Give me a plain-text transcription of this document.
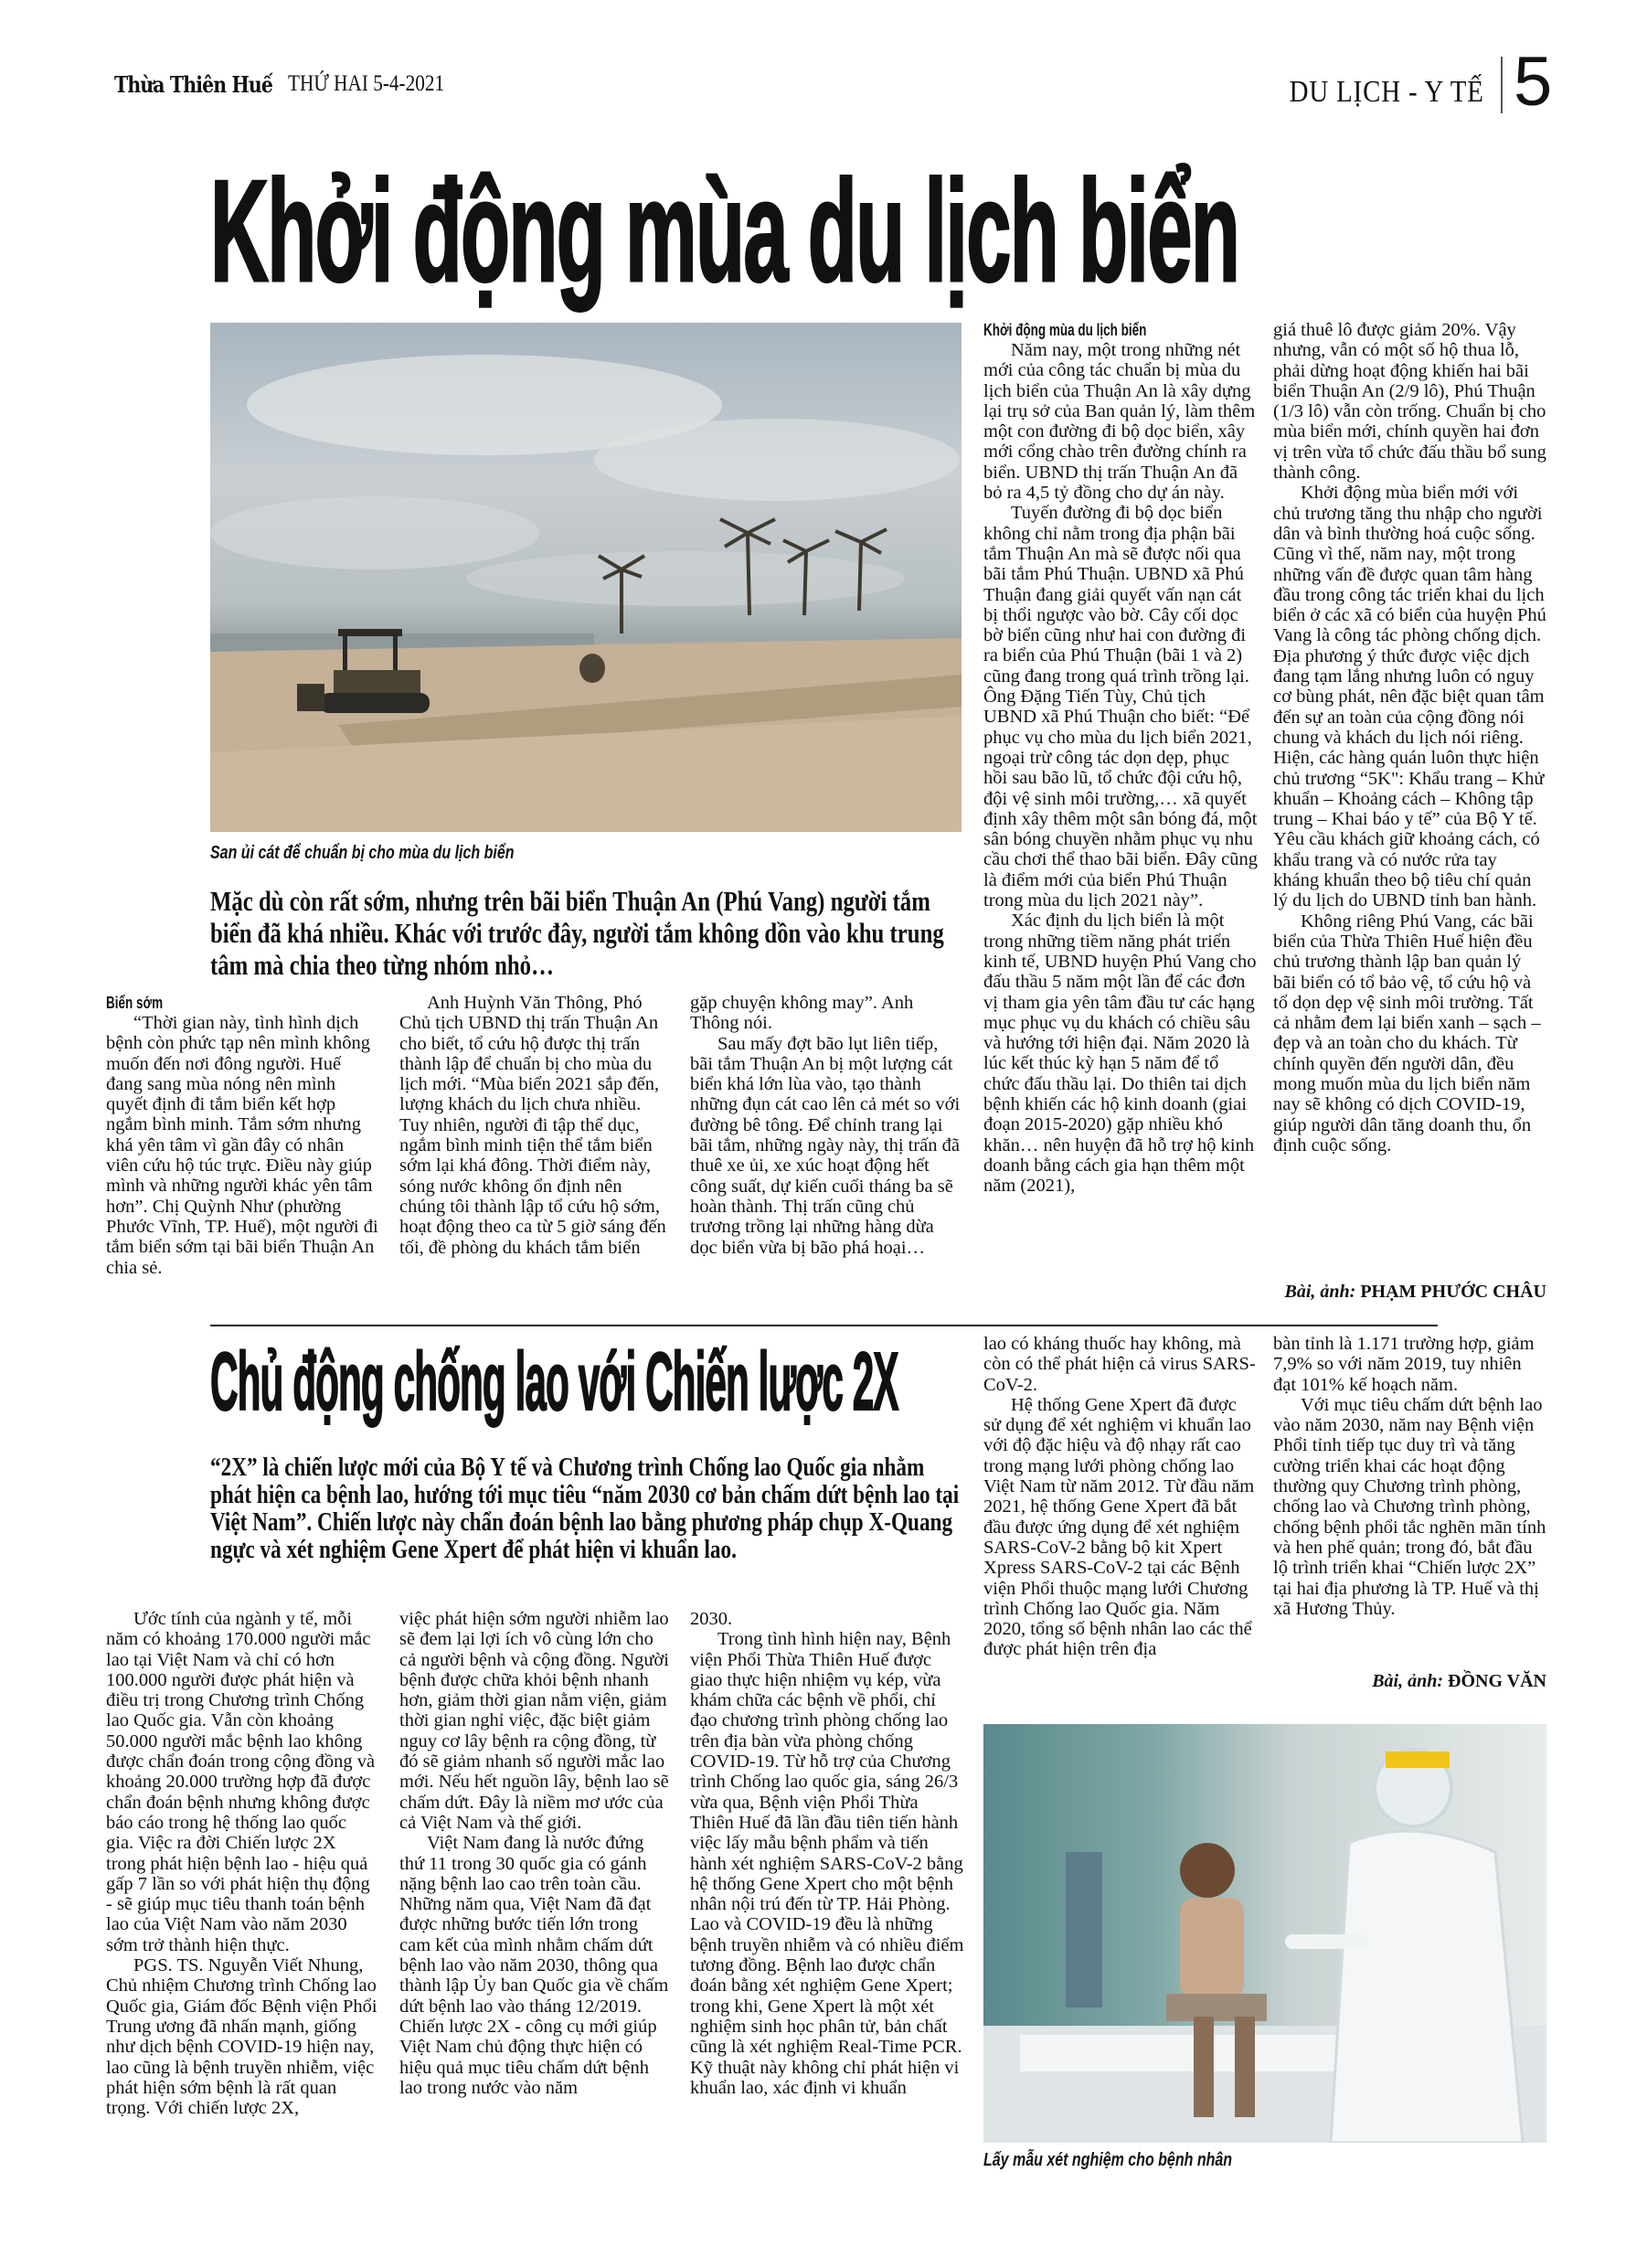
Thừa Thiên Huế THỨ HAI 5-4-2021	DU LỊCH - Y TẾ 5
Khởi động mùa du lịch biển
San ủi cát để chuẩn bị cho mùa du lịch biển
Mặc dù còn rất sớm, nhưng trên bãi biển Thuận An (Phú Vang) người tắm biển đã khá nhiều. Khác với trước đây, người tắm không dồn vào khu trung tâm mà chia theo từng nhóm nhỏ…
Biển sớm

“Thời gian này, tình hình dịch bệnh còn phức tạp nên mình không muốn đến nơi đông người. Huế đang sang mùa nóng nên mình quyết định đi tắm biển kết hợp ngắm bình minh. Tắm sớm nhưng khá yên tâm vì gần đây có nhân viên cứu hộ túc trực. Điều này giúp mình và những người khác yên tâm hơn”. Chị Quỳnh Như (phường Phước Vĩnh, TP. Huế), một người đi tắm biển sớm tại bãi biển Thuận An chia sẻ.

Anh Huỳnh Văn Thông, Phó Chủ tịch UBND thị trấn Thuận An cho biết, tổ cứu hộ được thị trấn thành lập để chuẩn bị cho mùa du lịch mới. “Mùa biển 2021 sắp đến, lượng khách du lịch chưa nhiều. Tuy nhiên, người đi tập thể dục, ngắm bình minh tiện thể tắm biển sớm lại khá đông. Thời điểm này, sóng nước không ổn định nên chúng tôi thành lập tổ cứu hộ sớm, hoạt động theo ca từ 5 giờ sáng đến tối, đề phòng du khách tắm biển

gặp chuyện không may”. Anh Thông nói.

Sau mấy đợt bão lụt liên tiếp, bãi tắm Thuận An bị một lượng cát biển khá lớn lùa vào, tạo thành những đụn cát cao lên cả mét so với đường bê tông. Để chỉnh trang lại bãi tắm, những ngày này, thị trấn đã thuê xe ủi, xe xúc hoạt động hết công suất, dự kiến cuối tháng ba sẽ hoàn thành. Thị trấn cũng chủ trương trồng lại những hàng dừa dọc biển vừa bị bão phá hoại…

Khởi động mùa du lịch biển

Năm nay, một trong những nét mới của công tác chuẩn bị mùa du lịch biển của Thuận An là xây dựng lại trụ sở của Ban quản lý, làm thêm một con đường đi bộ dọc biển, xây mới cổng chào trên đường chính ra biển. UBND thị trấn Thuận An đã bỏ ra 4,5 tỷ đồng cho dự án này.

Tuyến đường đi bộ dọc biển không chỉ nằm trong địa phận bãi tắm Thuận An mà sẽ được nối qua bãi tắm Phú Thuận. UBND xã Phú Thuận đang giải quyết vấn nạn cát bị thổi ngược vào bờ. Cây cối dọc bờ biển cũng như hai con đường đi ra biển của Phú Thuận (bãi 1 và 2) cũng đang trong quá trình trồng lại. Ông Đặng Tiến Tùy, Chủ tịch UBND xã Phú Thuận cho biết: “Để phục vụ cho mùa du lịch biển 2021, ngoại trừ công tác dọn dẹp, phục hồi sau bão lũ, tổ chức đội cứu hộ, đội vệ sinh môi trường,… xã quyết định xây thêm một sân bóng đá, một sân bóng chuyền nhằm phục vụ nhu cầu chơi thể thao bãi biển. Đây cũng là điểm mới của biển Phú Thuận trong mùa du lịch 2021 này”.

Xác định du lịch biển là một trong những tiềm năng phát triển kinh tế, UBND huyện Phú Vang cho đấu thầu 5 năm một lần để các đơn vị tham gia yên tâm đầu tư các hạng mục phục vụ du khách có chiều sâu và hướng tới hiện đại. Năm 2020 là lúc kết thúc kỳ hạn 5 năm để tổ chức đấu thầu lại. Do thiên tai dịch bệnh khiến các hộ kinh doanh (giai đoạn 2015-2020) gặp nhiều khó khăn… nên huyện đã hỗ trợ hộ kinh doanh bằng cách gia hạn thêm một năm (2021),

giá thuê lô được giảm 20%. Vậy nhưng, vẫn có một số hộ thua lỗ, phải dừng hoạt động khiến hai bãi biển Thuận An (2/9 lô), Phú Thuận (1/3 lô) vẫn còn trống. Chuẩn bị cho mùa biển mới, chính quyền hai đơn vị trên vừa tổ chức đấu thầu bổ sung thành công.

Khởi động mùa biển mới với chủ trương tăng thu nhập cho người dân và bình thường hoá cuộc sống. Cũng vì thế, năm nay, một trong những vấn đề được quan tâm hàng đầu trong công tác triển khai du lịch biển ở các xã có biển của huyện Phú Vang là công tác phòng chống dịch. Địa phương ý thức được việc dịch đang tạm lắng nhưng luôn có nguy cơ bùng phát, nên đặc biệt quan tâm đến sự an toàn của cộng đồng nói chung và khách du lịch nói riêng. Hiện, các hàng quán luôn thực hiện chủ trương “5K": Khẩu trang – Khử khuẩn – Khoảng cách – Không tập trung – Khai báo y tế” của Bộ Y tế. Yêu cầu khách giữ khoảng cách, có khẩu trang và có nước rửa tay kháng khuẩn theo bộ tiêu chí quản lý du lịch do UBND tỉnh ban hành.

Không riêng Phú Vang, các bãi biển của Thừa Thiên Huế hiện đều chủ trương thành lập ban quản lý bãi biển có tổ bảo vệ, tổ cứu hộ và tổ dọn dẹp vệ sinh môi trường. Tất cả nhằm đem lại biển xanh – sạch – đẹp và an toàn cho du khách. Từ chính quyền đến người dân, đều mong muốn mùa du lịch biển năm nay sẽ không có dịch COVID-19, giúp người dân tăng doanh thu, ổn định cuộc sống.

Bài, ảnh: PHẠM PHƯỚC CHÂU
Chủ động chống lao với Chiến lược 2X
“2X” là chiến lược mới của Bộ Y tế và Chương trình Chống lao Quốc gia nhằm phát hiện ca bệnh lao, hướng tới mục tiêu “năm 2030 cơ bản chấm dứt bệnh lao tại Việt Nam”. Chiến lược này chẩn đoán bệnh lao bằng phương pháp chụp X-Quang ngực và xét nghiệm Gene Xpert để phát hiện vi khuẩn lao.

Ước tính của ngành y tế, mỗi năm có khoảng 170.000 người mắc lao tại Việt Nam và chỉ có hơn 100.000 người được phát hiện và điều trị trong Chương trình Chống lao Quốc gia. Vẫn còn khoảng 50.000 người mắc bệnh lao không được chẩn đoán trong cộng đồng và khoảng 20.000 trường hợp đã được chẩn đoán bệnh nhưng không được báo cáo trong hệ thống lao quốc gia. Việc ra đời Chiến lược 2X trong phát hiện bệnh lao - hiệu quả gấp 7 lần so với phát hiện thụ động - sẽ giúp mục tiêu thanh toán bệnh lao của Việt Nam vào năm 2030 sớm trở thành hiện thực.

PGS. TS. Nguyễn Viết Nhung, Chủ nhiệm Chương trình Chống lao Quốc gia, Giám đốc Bệnh viện Phổi Trung ương đã nhấn mạnh, giống như dịch bệnh COVID-19 hiện nay, lao cũng là bệnh truyền nhiễm, việc phát hiện sớm bệnh là rất quan trọng. Với chiến lược 2X,

việc phát hiện sớm người nhiễm lao sẽ đem lại lợi ích vô cùng lớn cho cả người bệnh và cộng đồng. Người bệnh được chữa khỏi bệnh nhanh hơn, giảm thời gian nằm viện, giảm thời gian nghỉ việc, đặc biệt giảm nguy cơ lây bệnh ra cộng đồng, từ đó sẽ giảm nhanh số người mắc lao mới. Nếu hết nguồn lây, bệnh lao sẽ chấm dứt. Đây là niềm mơ ước của cả Việt Nam và thế giới.

Việt Nam đang là nước đứng thứ 11 trong 30 quốc gia có gánh nặng bệnh lao cao trên toàn cầu. Những năm qua, Việt Nam đã đạt được những bước tiến lớn trong cam kết của mình nhằm chấm dứt bệnh lao vào năm 2030, thông qua thành lập Ủy ban Quốc gia về chấm dứt bệnh lao vào tháng 12/2019. Chiến lược 2X - công cụ mới giúp Việt Nam chủ động thực hiện có hiệu quả mục tiêu chấm dứt bệnh lao trong nước vào năm

2030.

Trong tình hình hiện nay, Bệnh viện Phổi Thừa Thiên Huế được giao thực hiện nhiệm vụ kép, vừa khám chữa các bệnh về phổi, chỉ đạo chương trình phòng chống lao trên địa bàn vừa phòng chống COVID-19. Từ hỗ trợ của Chương trình Chống lao quốc gia, sáng 26/3 vừa qua, Bệnh viện Phổi Thừa Thiên Huế đã lần đầu tiên tiến hành việc lấy mẫu bệnh phẩm và tiến hành xét nghiệm SARS-CoV-2 bằng hệ thống Gene Xpert cho một bệnh nhân nội trú đến từ TP. Hải Phòng. Lao và COVID-19 đều là những bệnh truyền nhiễm và có nhiều điểm tương đồng. Bệnh lao được chẩn đoán bằng xét nghiệm Gene Xpert; trong khi, Gene Xpert là một xét nghiệm sinh học phân tử, bản chất cũng là xét nghiệm Real-Time PCR. Kỹ thuật này không chỉ phát hiện vi khuẩn lao, xác định vi khuẩn

lao có kháng thuốc hay không, mà còn có thể phát hiện cả virus SARS-CoV-2.

Hệ thống Gene Xpert đã được sử dụng để xét nghiệm vi khuẩn lao với độ đặc hiệu và độ nhạy rất cao trong mạng lưới phòng chống lao Việt Nam từ năm 2012. Từ đầu năm 2021, hệ thống Gene Xpert đã bắt đầu được ứng dụng để xét nghiệm SARS-CoV-2 bằng bộ kit Xpert Xpress SARS-CoV-2 tại các Bệnh viện Phổi thuộc mạng lưới Chương trình Chống lao Quốc gia. Năm 2020, tổng số bệnh nhân lao các thể được phát hiện trên địa

bàn tỉnh là 1.171 trường hợp, giảm 7,9% so với năm 2019, tuy nhiên đạt 101% kế hoạch năm.

Với mục tiêu chấm dứt bệnh lao vào năm 2030, năm nay Bệnh viện Phổi tỉnh tiếp tục duy trì và tăng cường triển khai các hoạt động thường quy Chương trình phòng, chống lao và Chương trình phòng, chống bệnh phổi tắc nghẽn mãn tính và hen phế quản; trong đó, bắt đầu lộ trình triển khai “Chiến lược 2X” tại hai địa phương là TP. Huế và thị xã Hương Thủy.

Bài, ảnh: ĐỒNG VĂN
Lấy mẫu xét nghiệm cho bệnh nhân
